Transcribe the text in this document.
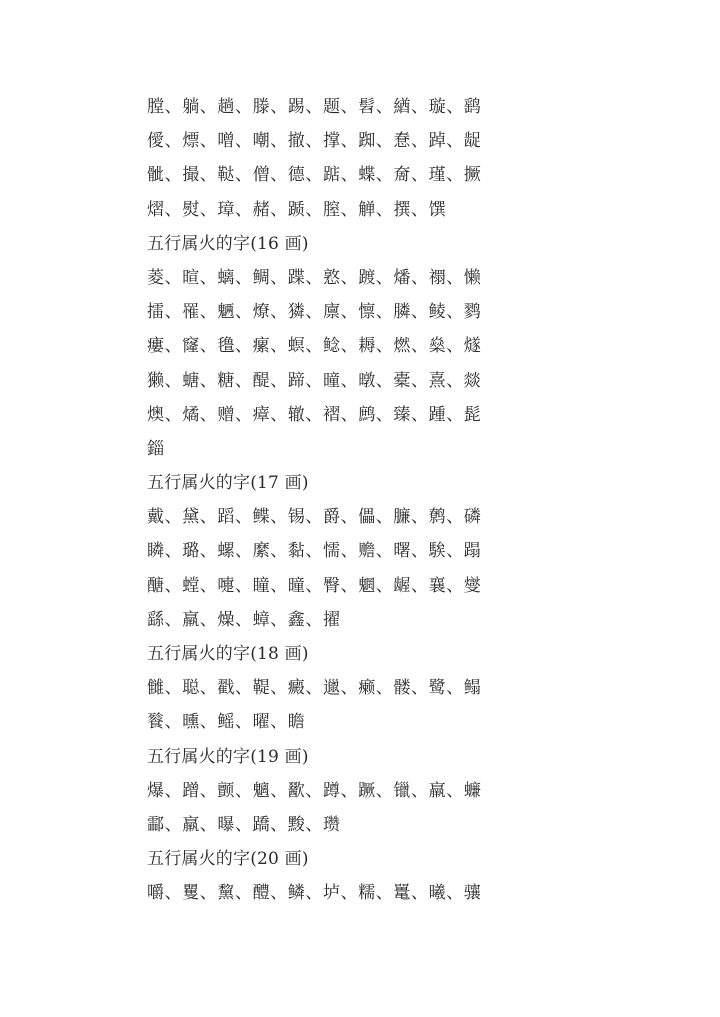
膛、躺、趟、滕、踢、题、髫、緧、璇、鹞
僾、熛、噌、嘲、撤、撑、踟、惷、踔、龊
骴、撮、鞑、僧、德、踮、蝶、奝、瑾、撅
熠、熨、璋、赭、踬、膣、觯、撰、馔
五行属火的字(16 画)
菱、暄、螭、鲷、蹀、憝、踱、燔、禤、懒
擂、罹、魉、燎、獜、廪、懔、膦、鲮、鹨
瘻、窿、氇、瘰、螟、鲶、耨、燃、燊、燧
獭、螗、糖、醍、蹄、曈、暾、橐、熹、燚
燠、燏、赠、瘴、辙、褶、鹧、臻、踵、髭
錙
五行属火的字(17 画)
戴、黛、蹈、鲽、锡、爵、儡、臁、鹩、磷
瞵、璐、螺、縻、黏、懦、赡、曙、騃、蹋
醣、螳、嚏、瞳、曈、臀、魍、龌、襄、燮
繇、羸、燥、蟑、鑫、擢
五行属火的字(18 画)
雠、聪、戳、鞮、癜、邋、癞、髅、鹭、鳎
餮、曛、鳐、曜、瞻
五行属火的字(19 画)
爆、蹭、颤、魑、歠、蹲、蹶、镴、羸、蠊
酃、羸、曝、蹻、黢、瓒
五行属火的字(20 画)
嚼、矍、黧、醴、鳞、垆、糯、鼍、曦、骧
